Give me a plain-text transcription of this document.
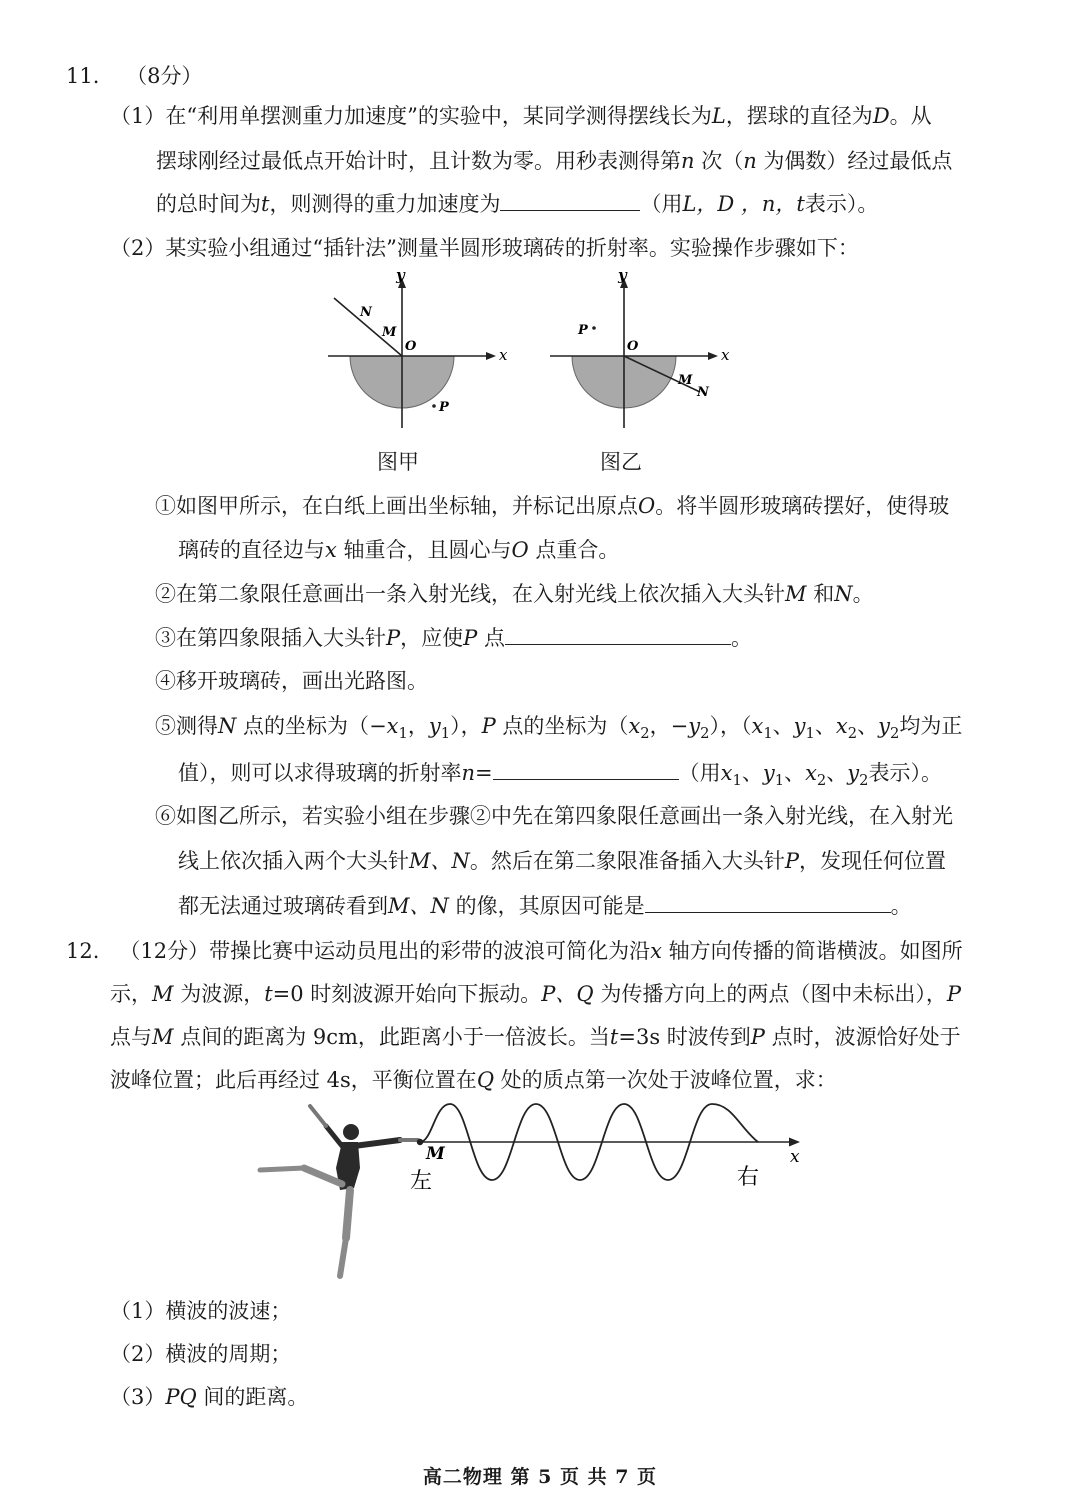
11. （8分）
（1）在“利用单摆测重力加速度”的实验中，某同学测得摆线长为L，摆球的直径为D。从
摆球刚经过最低点开始计时，且计数为零。用秒表测得第n 次（n 为偶数）经过最低点
的总时间为t，则测得的重力加速度为	（用L，D ，n，t表示）。
（2）某实验小组通过“插针法”测量半圆形玻璃砖的折射率。实验操作步骤如下：
x
y
O
N
M
P
图甲
x
y
O
P
M
N
图乙
①如图甲所示，在白纸上画出坐标轴，并标记出原点O。将半圆形玻璃砖摆好，使得玻
璃砖的直径边与x 轴重合，且圆心与O 点重合。
②在第二象限任意画出一条入射光线，在入射光线上依次插入大头针M 和N。
③在第四象限插入大头针P，应使P 点	。
④移开玻璃砖，画出光路图。
⑤测得N 点的坐标为（$-x_1$，$y_1$），P 点的坐标为（$x_2$，$-y_2$），（$x_1$、$y_1$、$x_2$、$y_2$均为正
值），则可以求得玻璃的折射率n=	（用$x_1$、$y_1$、$x_2$、$y_2$表示）。
⑥如图乙所示，若实验小组在步骤②中先在第四象限任意画出一条入射光线，在入射光
线上依次插入两个大头针M、N。然后在第二象限准备插入大头针P，发现任何位置
都无法通过玻璃砖看到M、N 的像，其原因可能是	。
12. （12分）带操比赛中运动员甩出的彩带的波浪可简化为沿x 轴方向传播的简谐横波。如图所
示，M 为波源，t=0 时刻波源开始向下振动。P、Q 为传播方向上的两点（图中未标出），P
点与M 点间的距离为 9cm，此距离小于一倍波长。当t=3s 时波传到P 点时，波源恰好处于
波峰位置；此后再经过 4s，平衡位置在Q 处的质点第一次处于波峰位置，求：
M	x
左	右
（1）横波的波速；
（2）横波的周期；
（3）PQ 间的距离。
高二物理 第 5 页 共 7 页
